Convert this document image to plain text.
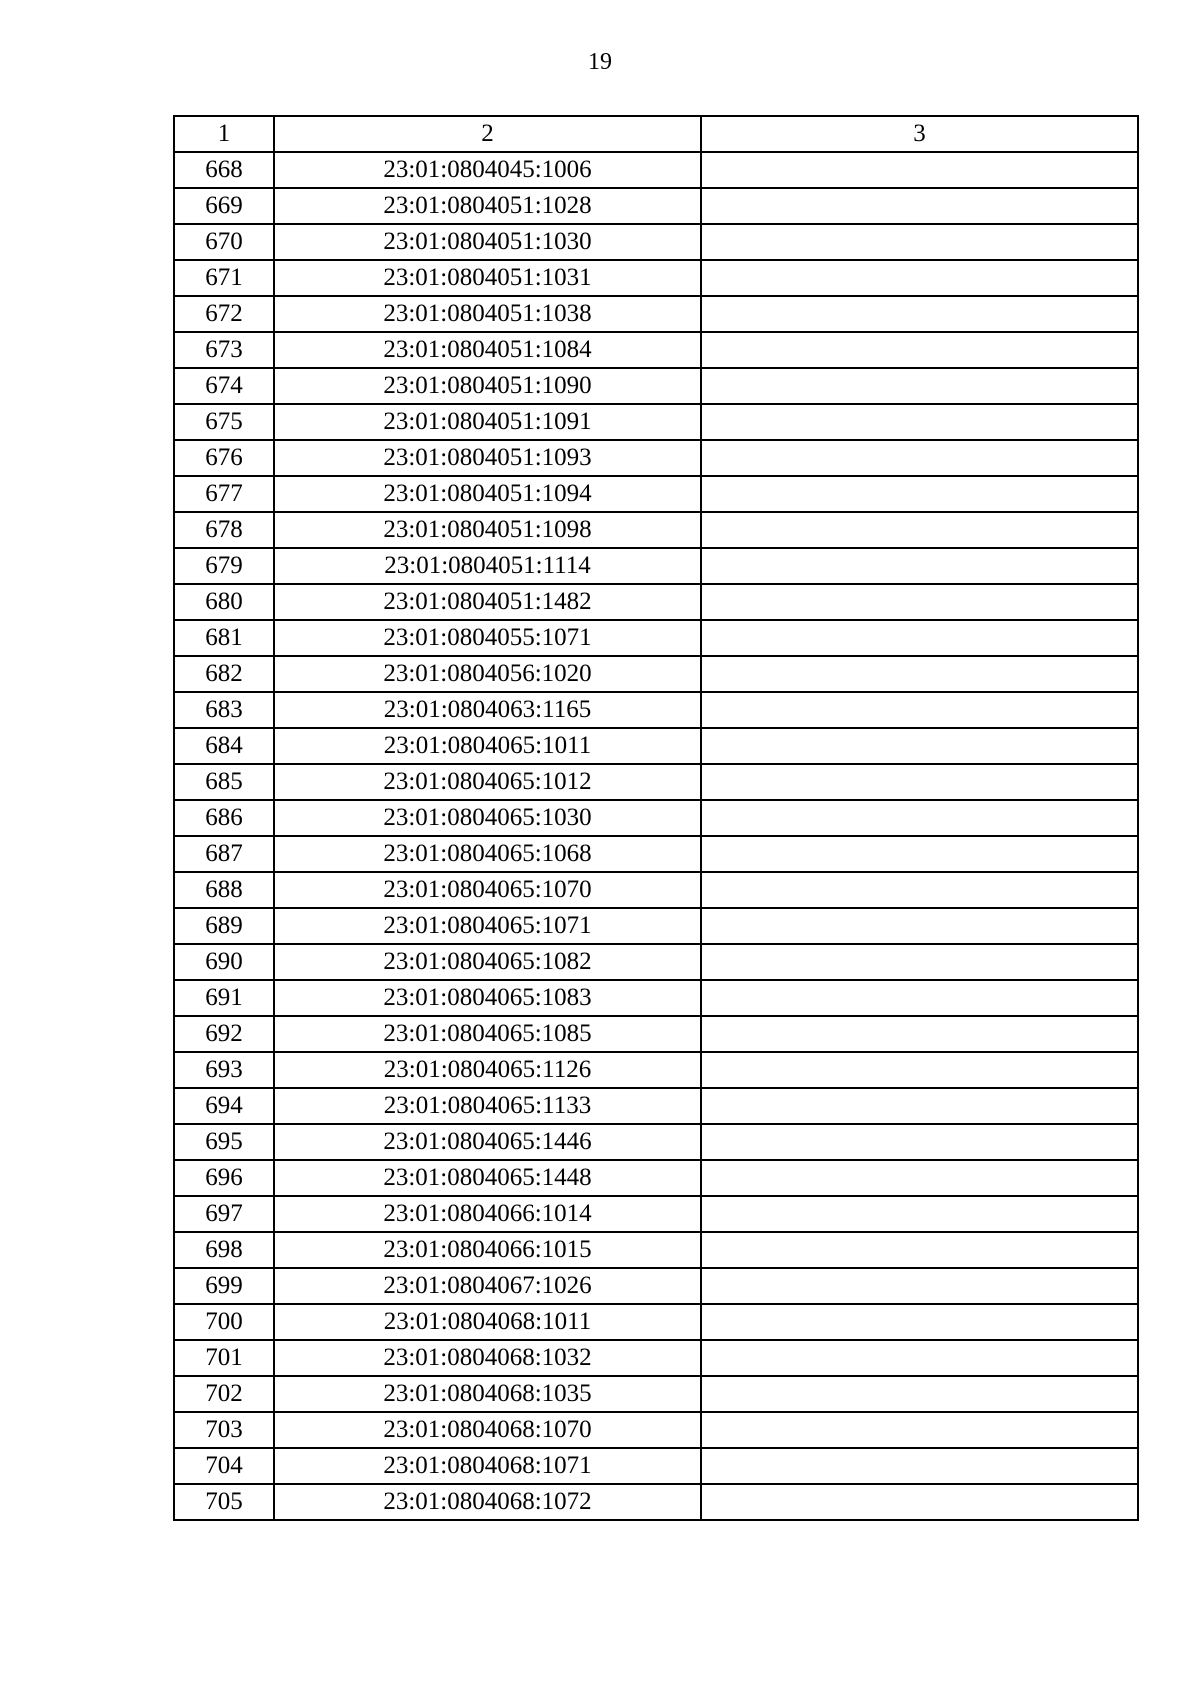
19
1	2	3
668	23:01:0804045:1006	
669	23:01:0804051:1028	
670	23:01:0804051:1030	
671	23:01:0804051:1031	
672	23:01:0804051:1038	
673	23:01:0804051:1084	
674	23:01:0804051:1090	
675	23:01:0804051:1091	
676	23:01:0804051:1093	
677	23:01:0804051:1094	
678	23:01:0804051:1098	
679	23:01:0804051:1114	
680	23:01:0804051:1482	
681	23:01:0804055:1071	
682	23:01:0804056:1020	
683	23:01:0804063:1165	
684	23:01:0804065:1011	
685	23:01:0804065:1012	
686	23:01:0804065:1030	
687	23:01:0804065:1068	
688	23:01:0804065:1070	
689	23:01:0804065:1071	
690	23:01:0804065:1082	
691	23:01:0804065:1083	
692	23:01:0804065:1085	
693	23:01:0804065:1126	
694	23:01:0804065:1133	
695	23:01:0804065:1446	
696	23:01:0804065:1448	
697	23:01:0804066:1014	
698	23:01:0804066:1015	
699	23:01:0804067:1026	
700	23:01:0804068:1011	
701	23:01:0804068:1032	
702	23:01:0804068:1035	
703	23:01:0804068:1070	
704	23:01:0804068:1071	
705	23:01:0804068:1072	
